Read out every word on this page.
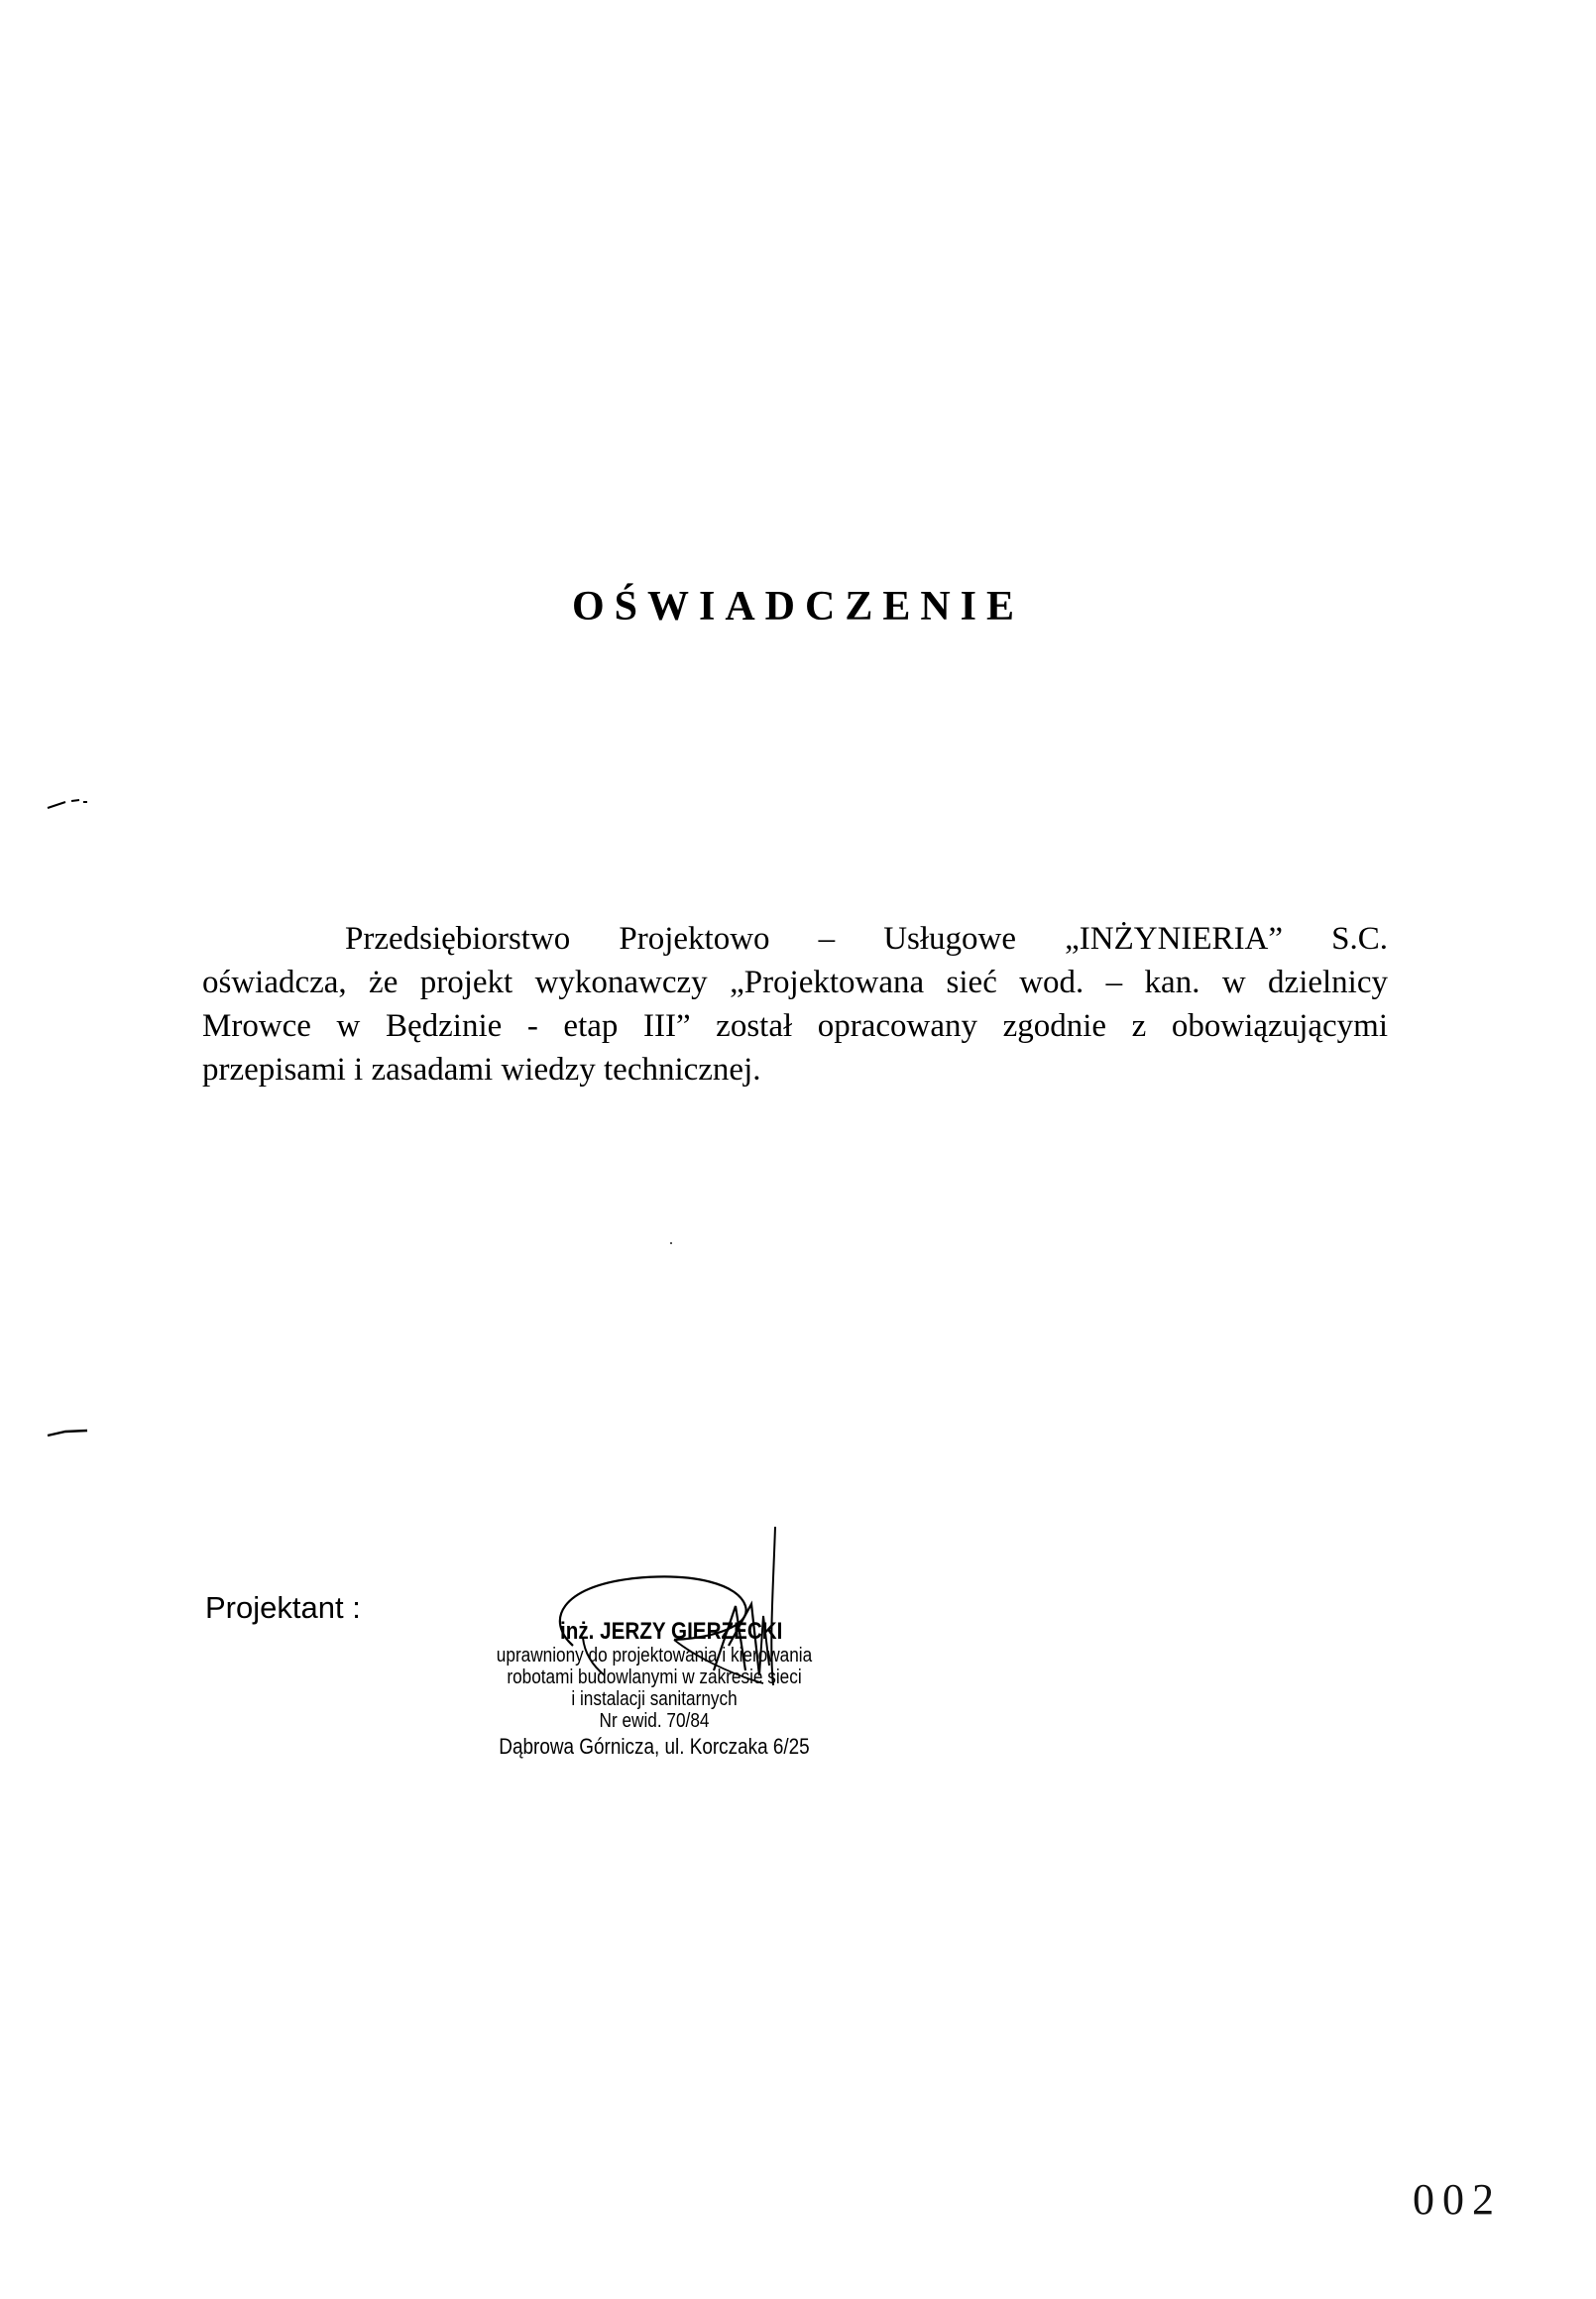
OŚWIADCZENIE
Przedsiębiorstwo Projektowo – Usługowe „INŻYNIERIA” S.C.
oświadcza, że projekt wykonawczy „Projektowana sieć wod. – kan. w dzielnicy
Mrowce w Będzinie - etap III” został opracowany zgodnie z obowiązującymi
przepisami i zasadami wiedzy technicznej.
Projektant :
inż. JERZY GIERZECKI
uprawniony do projektowania i kierowania
robotami budowlanymi w zakresie sieci
i instalacji sanitarnych
Nr ewid. 70/84
Dąbrowa Górnicza, ul. Korczaka 6/25
002
